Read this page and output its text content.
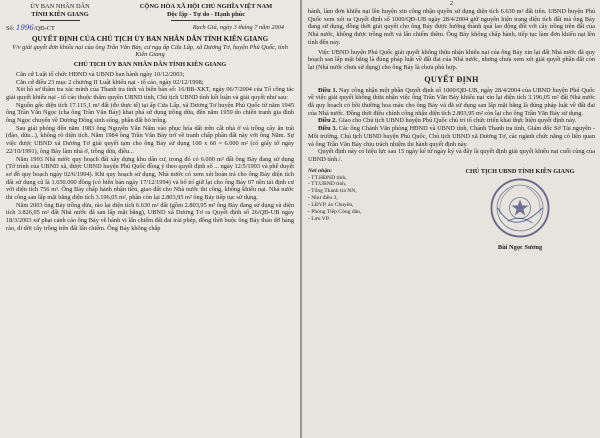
ỦY BAN NHÂN DÂN
TỈNH KIÊN GIANG
CỘNG HÒA XÃ HỘI CHỦ NGHĨA VIỆT NAM
Độc lập - Tự do - Hạnh phúc
Số: 1996/QĐ-CT	Rạch Giá, ngày 3 tháng 7 năm 2004
QUYẾT ĐỊNH CỦA CHỦ TỊCH ỦY BAN NHÂN DÂN TỈNH KIÊN GIANG
V/v giải quyết đơn khiếu nại của ông Trần Văn Bảy, cư ngụ ấp Cửa Lấp, xã Dương Tơ, huyện Phú Quốc, tỉnh Kiên Giang
CHỦ TỊCH ỦY BAN NHÂN DÂN TỈNH KIÊN GIANG

Căn cứ Luật tổ chức HĐND và UBND ban hành ngày 10/12/2003;

Căn cứ điều 23 mục 2 chương II Luật khiếu nại - tố cáo, ngày 02/12/1998;

Xét hồ sơ thẩm tra xác minh của Thanh tra tỉnh và biên bản số: 16/BB-XKT, ngày 06/7/2004 của Tổ công tác giải quyết khiếu nại - tố cáo thuộc thẩm quyền UBND tỉnh, Chủ tịch UBND tỉnh kết luận và giải quyết như sau:

Nguồn gốc diện tích 17.115,1 m² đất (đo thực tế) tại ấp Cửa Lấp, xã Dương Tơ huyện Phú Quốc từ năm 1945 ông Trần Văn Ngọc (cha ông Trần Văn Bảy) khai phá sử dụng trồng dừa, đến năm 1959 do chiến tranh gia đình ông Ngọc chuyển về Dương Đông sinh sống, phần đất bỏ trống.

Sau giải phóng đến năm 1983 ông Nguyễn Văn Năm vào phục hóa dất trên cất nhà ở và trồng cây ăn trái (đào, dừa...), không rõ diện tích. Năm 1984 ông Trần Văn Bảy trở về tranh chấp phần đất này với ông Năm. Sự việc được UBND xã Dương Tơ giải quyết tạm cho ông Bảy sử dụng 100 x 60 = 6.000 m² (có giấy tờ ngày 22/10/1991), ông Bảy làm nhà ở, trồng dừa, điều...

Năm 1993 Nhà nước quy hoạch đất xây dựng khu dân cư, trong đó có 6.000 m² đất ông Bảy đang sử dụng (Tờ trình của UBND xã, được UBND huyện Phú Quốc đồng ý theo quyết định số ... ngày 12/5/1993 và phê duyệt sơ đồ quy hoạch ngày 02/6/1994). Khi quy hoạch sử dụng, Nhà nước có xem xét hoàn trả cho ông Bảy diện tích đất sử dụng cũ là 1.650.000 đồng (có biên bản ngày 17/12/1994) và bố trí giữ lại cho ông Bảy 07 nền tái định cư với diện tích 756 m². Ông Bảy chấp hành nhận tiền, giao đất cho Nhà nước thi công, không khiếu nại. Nhà nước thi công san lấp mặt bằng diện tích 3.196,05 m², phần còn lại 2.803,95 m² ông Bảy tiếp tục sử dụng.

Năm 2003 ông Bảy trồng dừa, rào lại diện tích 6.630 m² đất (gồm 2.803,95 m² ông Bảy đang sử dụng và diện tích 3.826,05 m² đất Nhà nước đã san lấp mặt bằng), UBND xã Dương Tơ ra Quyết định số 26/QĐ-UB ngày 18/3/2003 xử phạt cảnh cáo ông Bảy về hành vi lấn chiếm đất đai trái phép, đồng thời buộc ông Bảy tháo dỡ hàng rào, di dời cây trồng trên đất lấn chiếm. Ông Bảy không chấp

2

hành, làm đơn khiếu nại lên huyện xin công nhận quyền sử dụng diện tích 6.630 m² đất trên. UBND huyện Phú Quốc xem xét ra Quyết định số 1000/QĐ-UB ngày 28/4/2004 giữ nguyên hiện trạng diện tích đất mà ông Bảy đang sử dụng, đồng thời giải quyết cho ông Bảy được hưởng thành quả lao động đối với cây trồng trên đất của Nhà nước, không được trồng mới và lấn chiếm thêm. Ông Bảy không chấp hành, tiếp tục làm đơn khiếu nại lên tỉnh đến nay.

Việc UBND huyện Phú Quốc giải quyết không thừa nhận khiếu nại của ông Bảy xin lại đất Nhà nước đã quy hoạch san lấp mặt bằng là đúng pháp luật về đất đai của Nhà nước, nhưng chưa xem xét giải quyết phần đất còn lại (Nhà nước chưa sử dụng) cho ông Bảy là chưa phù hợp.

QUYẾT ĐỊNH

Điều 1. Nay công nhận một phần Quyết định số 1000/QĐ-UB, ngày 28/4/2004 của UBND huyện Phú Quốc về việc giải quyết không thừa nhận việc ông Trần Văn Bảy khiếu nại xin lại diện tích 3.196,05 m² đất Nhà nước đã quy hoạch có bồi thường hoa màu cho ông Bảy và đã sử dụng san lấp mặt bằng là đúng pháp luật về đất đai của Nhà nước. Đồng thời điều chỉnh công nhận diện tích 2.803,95 m² còn lại cho ông Trần Văn Bảy sử dụng.

Điều 2. Giao cho Chủ tịch UBND huyện Phú Quốc chủ trì tổ chức triển khai thực hiện quyết định này.

Điều 3. Các ông Chánh Văn phòng HĐND và UBND tỉnh, Chánh Thanh tra tỉnh, Giám đốc Sở Tài nguyên - Môi trường, Chủ tịch UBND huyện Phú Quốc, Chủ tịch UBND xã Dương Tơ, các ngành chức năng có liên quan và ông Trần Văn Bảy chịu trách nhiệm thi hành quyết định này.

Quyết định này có hiệu lực sau 15 ngày kể từ ngày ký và đây là quyết định giải quyết khiếu nại cuối cùng của UBND tỉnh./.

Nơi nhận:
- TT.HĐND tỉnh,
- TT.UBND tỉnh,
- Tổng Thanh tra NN,
- Như điều 3,
- LĐVP, áo Chuyên,
- Phòng Tiếp Công dân,
- Lưu VP.
CHỦ TỊCH UBND TỈNH KIÊN GIANG
Bùi Ngọc Sương
